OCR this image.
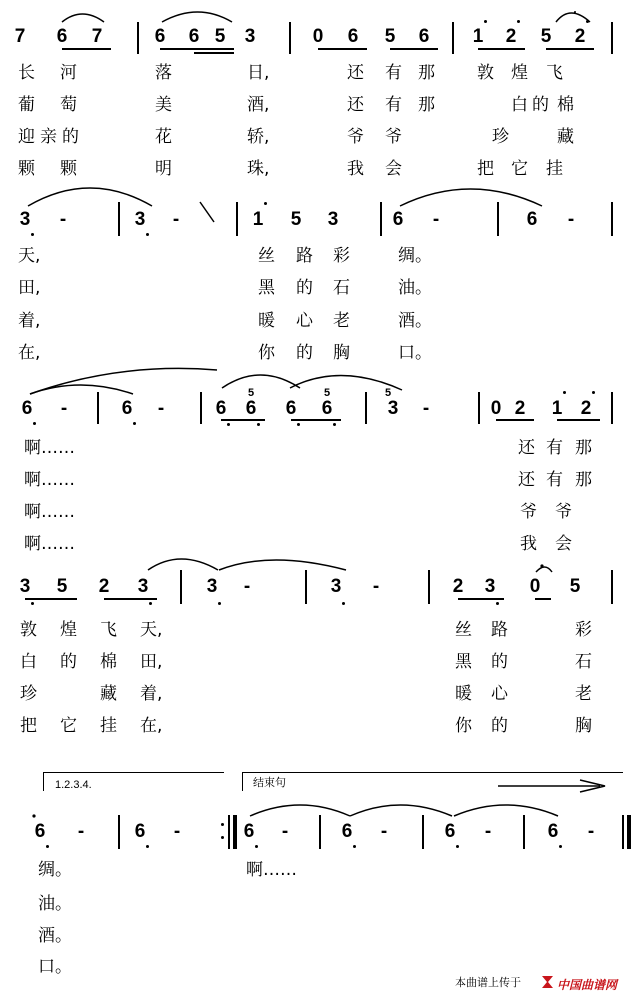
7 6 7	6 6 5 3	0 6 5 6 1 2 5 2
长 河	落	日,	还 有 那 敦 煌 飞
葡 萄	美	酒,	还 有 那	白 的 棉
迎 亲 的	花	轿,	爷 爷	珍	藏
颗 颗	明	珠,	我 会	把 它 挂
3 -	3 -	1 5 3	6 -	6 -
天,	丝 路 彩	绸。
田,	黑 的 石	油。
着,	暖 心 老	酒。
在,	你 的 胸	口。
6 -	6 -	6 6 6 6	3 -	0 2 1 2
5	5	5
啊……	还 有 那
啊……	还 有 那
啊……	爷 爷
啊……	我 会
3 5 2 3	3 -	3 -	2 3 0 5
敦 煌 飞 天,	丝 路	彩
白 的 棉 田,	黑 的	石
珍	藏 着,	暖 心	老
把 它 挂 在,	你 的	胸
6 -	6 -	6 -	6 -	6 -	6 -
绸。	啊……
油。
酒。
口。
1.2.3.4.	结束句
本曲谱上传于	中国曲谱网
